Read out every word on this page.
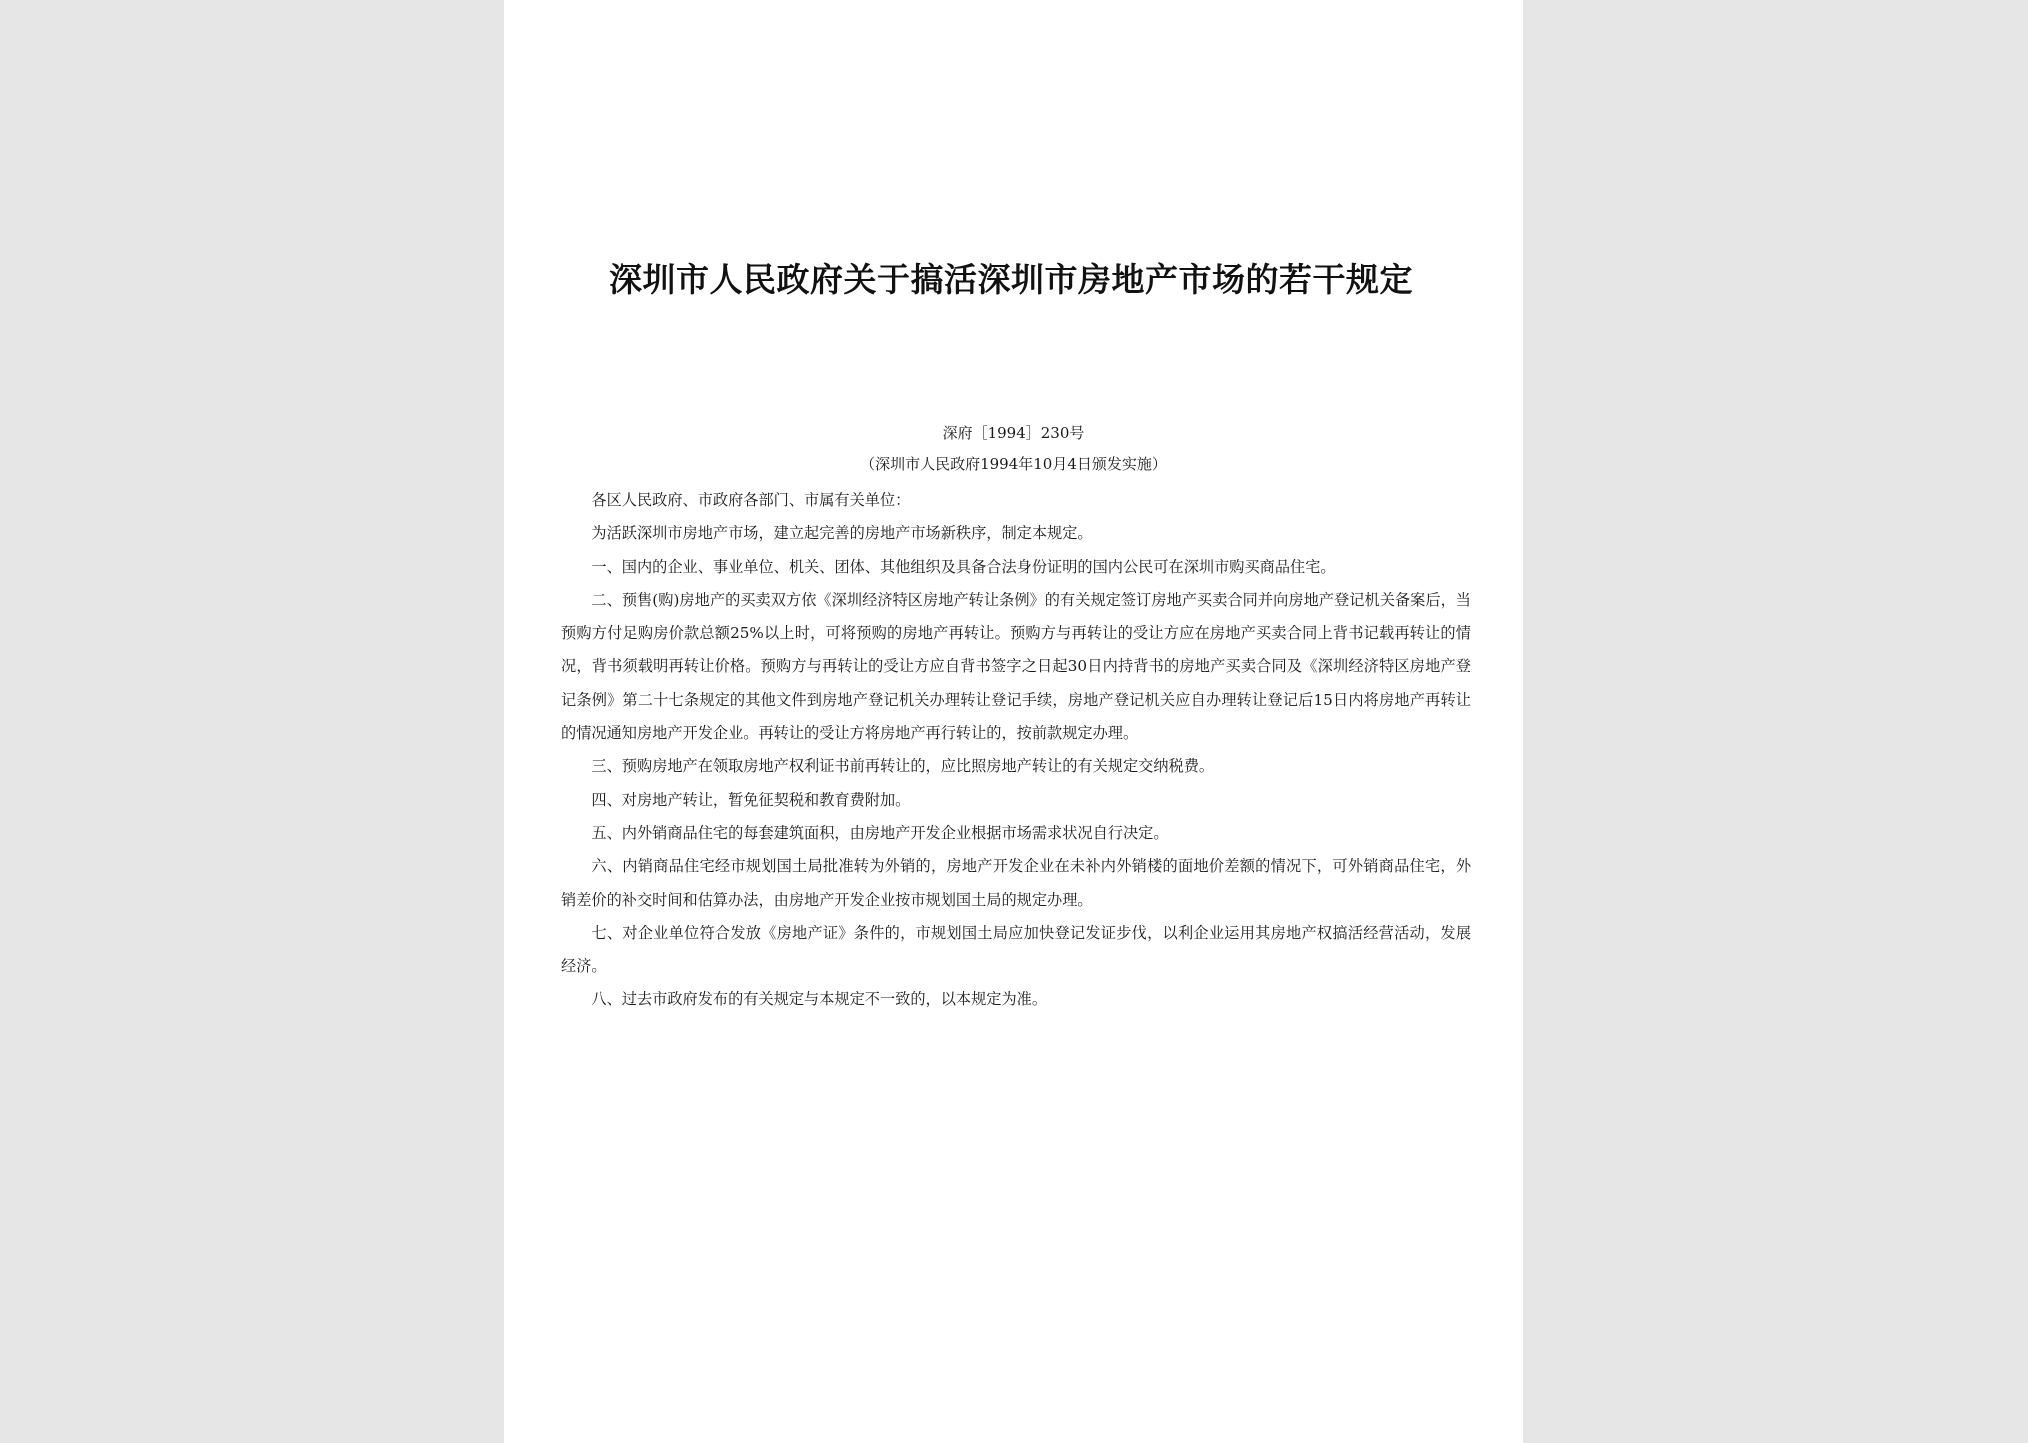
深圳市人民政府关于搞活深圳市房地产市场的若干规定
深府［1994］230号
（深圳市人民政府1994年10月4日颁发实施）

各区人民政府、市政府各部门、市属有关单位：

为活跃深圳市房地产市场，建立起完善的房地产市场新秩序，制定本规定。

一、国内的企业、事业单位、机关、团体、其他组织及具备合法身份证明的国内公民可在深圳市购买商品住宅。

二、预售(购)房地产的买卖双方依《深圳经济特区房地产转让条例》的有关规定签订房地产买卖合同并向房地产登记机关备案后，当预购方付足购房价款总额25%以上时，可将预购的房地产再转让。预购方与再转让的受让方应在房地产买卖合同上背书记载再转让的情况，背书须载明再转让价格。预购方与再转让的受让方应自背书签字之日起30日内持背书的房地产买卖合同及《深圳经济特区房地产登记条例》第二十七条规定的其他文件到房地产登记机关办理转让登记手续，房地产登记机关应自办理转让登记后15日内将房地产再转让的情况通知房地产开发企业。再转让的受让方将房地产再行转让的，按前款规定办理。

三、预购房地产在领取房地产权利证书前再转让的，应比照房地产转让的有关规定交纳税费。

四、对房地产转让，暂免征契税和教育费附加。

五、内外销商品住宅的每套建筑面积，由房地产开发企业根据市场需求状况自行决定。

六、内销商品住宅经市规划国土局批准转为外销的，房地产开发企业在未补内外销楼的面地价差额的情况下，可外销商品住宅，外销差价的补交时间和估算办法，由房地产开发企业按市规划国土局的规定办理。

七、对企业单位符合发放《房地产证》条件的，市规划国土局应加快登记发证步伐，以利企业运用其房地产权搞活经营活动，发展经济。

八、过去市政府发布的有关规定与本规定不一致的，以本规定为准。
